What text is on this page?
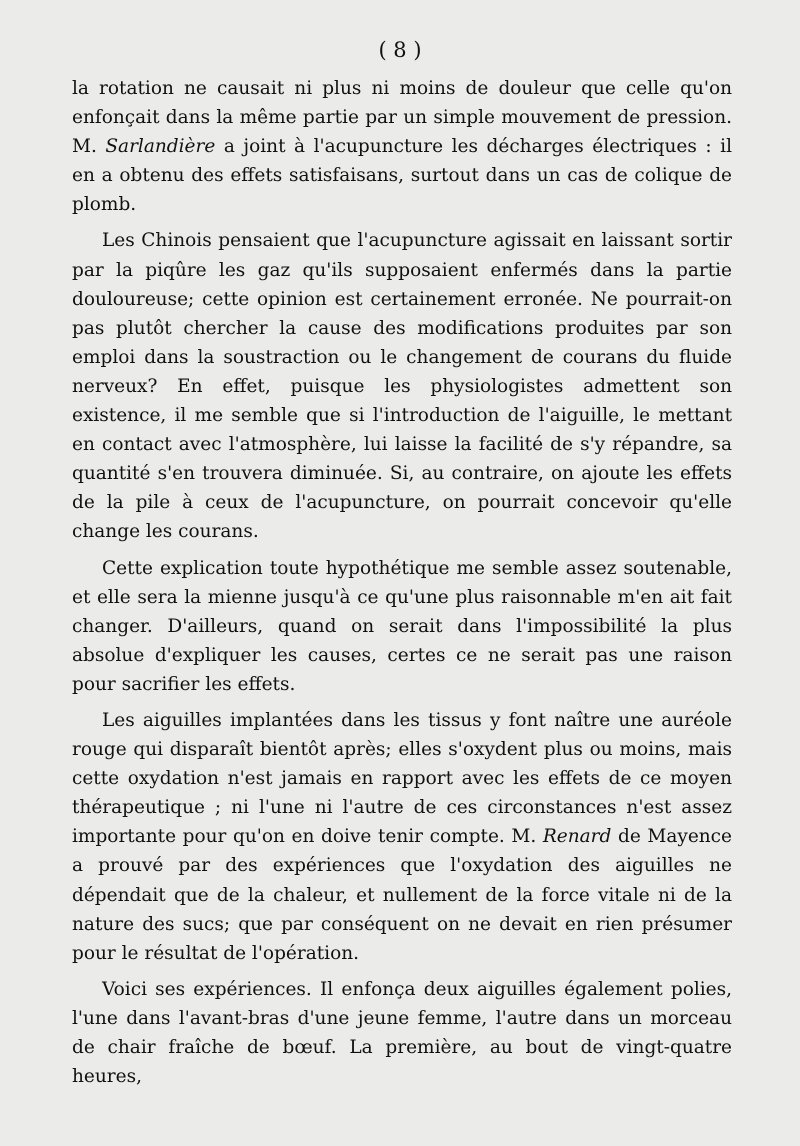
( 8 )

la rotation ne causait ni plus ni moins de douleur que celle qu'on enfonçait dans la même partie par un simple mouvement de pression. M. Sarlandière a joint à l'acupuncture les décharges électriques : il en a obtenu des effets satisfaisans, surtout dans un cas de colique de plomb.

Les Chinois pensaient que l'acupuncture agissait en laissant sortir par la piqûre les gaz qu'ils supposaient enfermés dans la partie douloureuse; cette opinion est certainement erronée. Ne pourrait-on pas plutôt chercher la cause des modifications produites par son emploi dans la soustraction ou le changement de courans du fluide nerveux? En effet, puisque les physiologistes admettent son existence, il me semble que si l'introduction de l'aiguille, le mettant en contact avec l'atmosphère, lui laisse la facilité de s'y répandre, sa quantité s'en trouvera diminuée. Si, au contraire, on ajoute les effets de la pile à ceux de l'acupuncture, on pourrait concevoir qu'elle change les courans.

Cette explication toute hypothétique me semble assez soutenable, et elle sera la mienne jusqu'à ce qu'une plus raisonnable m'en ait fait changer. D'ailleurs, quand on serait dans l'impossibilité la plus absolue d'expliquer les causes, certes ce ne serait pas une raison pour sacrifier les effets.

Les aiguilles implantées dans les tissus y font naître une auréole rouge qui disparaît bientôt après; elles s'oxydent plus ou moins, mais cette oxydation n'est jamais en rapport avec les effets de ce moyen thérapeutique ; ni l'une ni l'autre de ces circonstances n'est assez importante pour qu'on en doive tenir compte. M. Renard de Mayence a prouvé par des expériences que l'oxydation des aiguilles ne dépendait que de la chaleur, et nullement de la force vitale ni de la nature des sucs; que par conséquent on ne devait en rien présumer pour le résultat de l'opération.

Voici ses expériences. Il enfonça deux aiguilles également polies, l'une dans l'avant-bras d'une jeune femme, l'autre dans un morceau de chair fraîche de bœuf. La première, au bout de vingt-quatre heures,
